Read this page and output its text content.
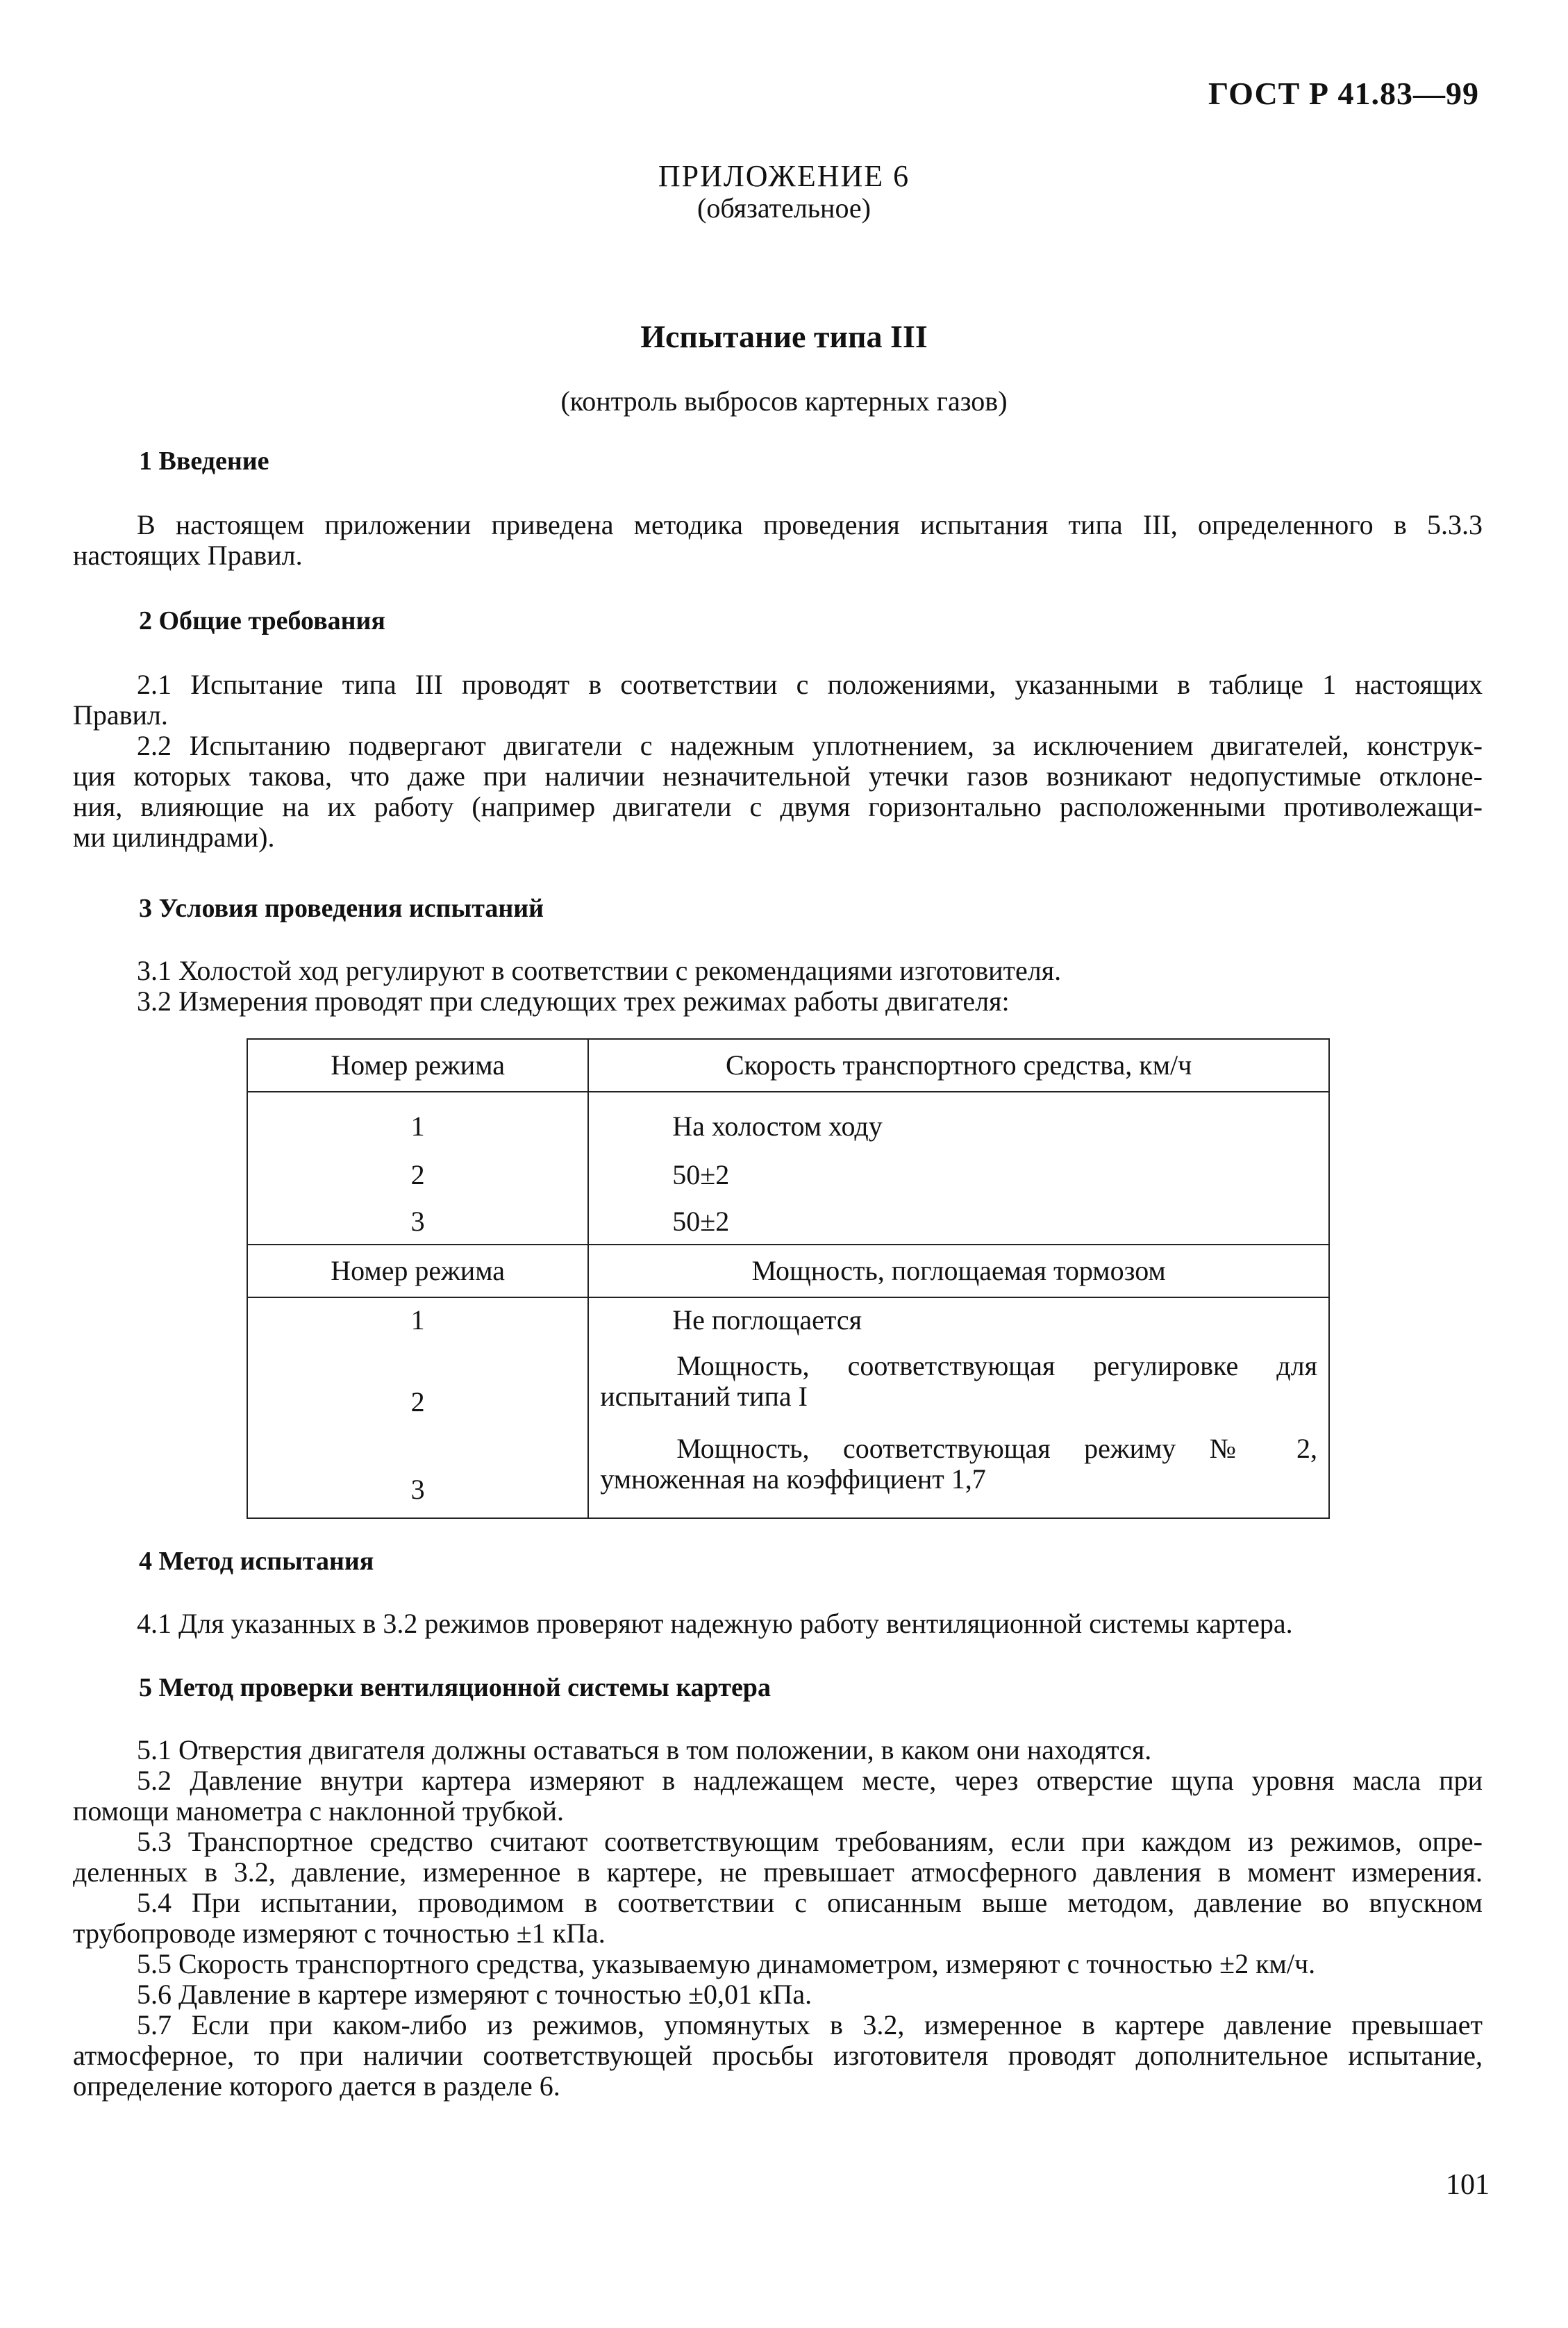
ГОСТ Р 41.83—99
ПРИЛОЖЕНИЕ 6
(обязательное)
Испытание типа III
(контроль выбросов картерных газов)
1 Введение
В настоящем приложении приведена методика проведения испытания типа III, определенного в 5.3.3
настоящих Правил.
2 Общие требования
2.1 Испытание типа III проводят в соответствии с положениями, указанными в таблице 1 настоящих
Правил.
2.2 Испытанию подвергают двигатели с надежным уплотнением, за исключением двигателей, конструк-
ция которых такова, что даже при наличии незначительной утечки газов возникают недопустимые отклоне-
ния, влияющие на их работу (например двигатели с двумя горизонтально расположенными противолежащи-
ми цилиндрами).
3 Условия проведения испытаний
3.1 Холостой ход регулируют в соответствии с рекомендациями изготовителя.
3.2 Измерения проводят при следующих трех режимах работы двигателя:
Номер режима	Скорость транспортного средства, км/ч
1	На холостом ходу
2	50±2
3	50±2
Номер режима	Мощность, поглощаемая тормозом
1	Не поглощается
2	Мощность, соответствующая регулировке для
испытаний типа I

3	Мощность, соответствующая режиму № 2,
умноженная на коэффициент 1,7
4 Метод испытания
4.1 Для указанных в 3.2 режимов проверяют надежную работу вентиляционной системы картера.
5 Метод проверки вентиляционной системы картера
5.1 Отверстия двигателя должны оставаться в том положении, в каком они находятся.
5.2 Давление внутри картера измеряют в надлежащем месте, через отверстие щупа уровня масла при
помощи манометра с наклонной трубкой.
5.3 Транспортное средство считают соответствующим требованиям, если при каждом из режимов, опре-
деленных в 3.2, давление, измеренное в картере, не превышает атмосферного давления в момент измерения.
5.4 При испытании, проводимом в соответствии с описанным выше методом, давление во впускном
трубопроводе измеряют с точностью ±1 кПа.
5.5 Скорость транспортного средства, указываемую динамометром, измеряют с точностью ±2 км/ч.
5.6 Давление в картере измеряют с точностью ±0,01 кПа.
5.7 Если при каком-либо из режимов, упомянутых в 3.2, измеренное в картере давление превышает
атмосферное, то при наличии соответствующей просьбы изготовителя проводят дополнительное испытание,
определение которого дается в разделе 6.
101
